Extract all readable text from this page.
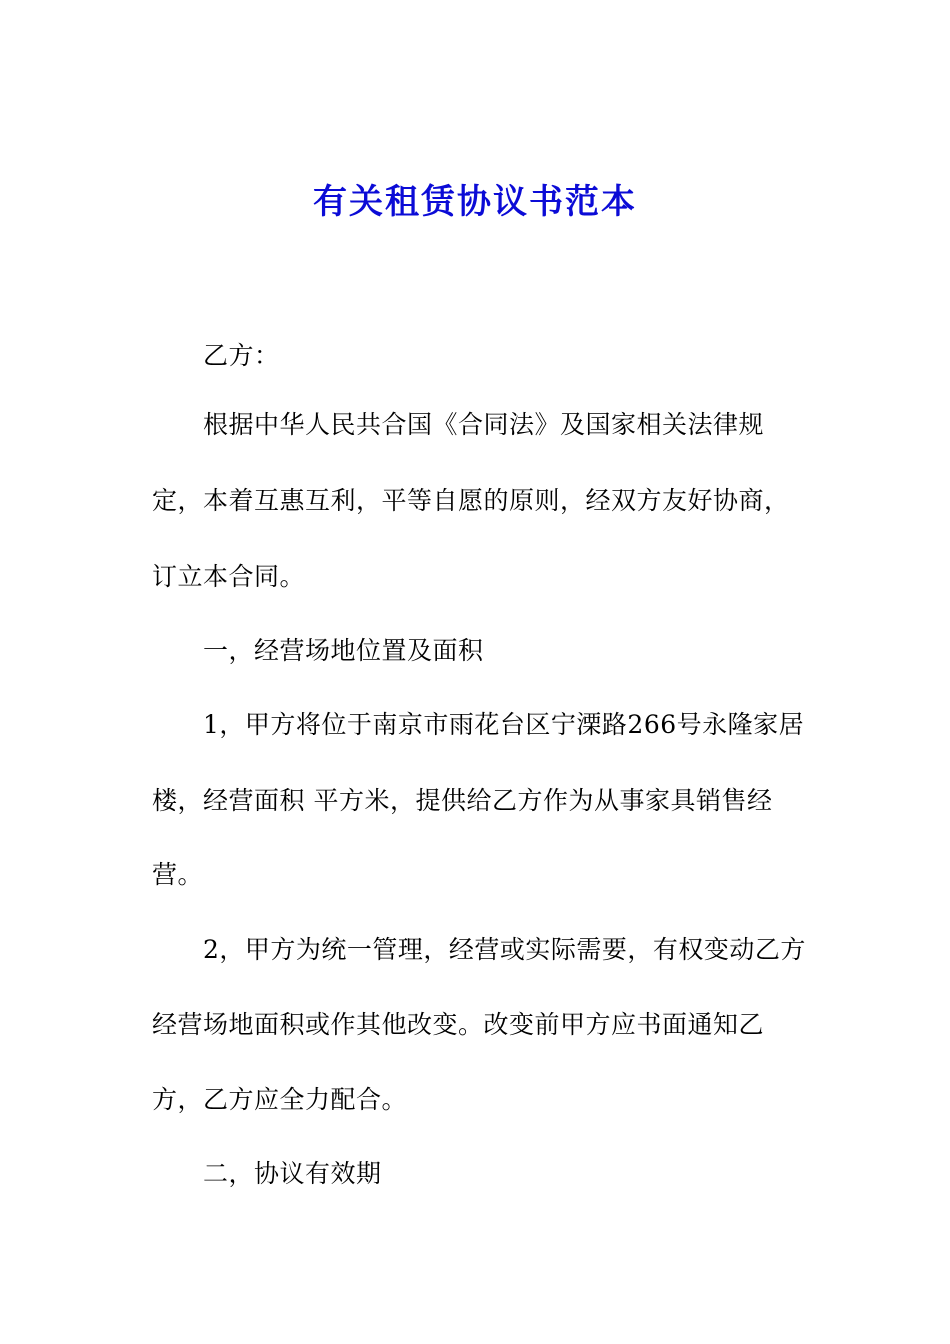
有关租赁协议书范本
乙方：
根据中华人民共合国《合同法》及国家相关法律规
定，本着互惠互利，平等自愿的原则，经双方友好协商，
订立本合同。
一，经营场地位置及面积
1，甲方将位于南京市雨花台区宁溧路266号永隆家居
楼，经营面积 平方米，提供给乙方作为从事家具销售经
营。
2，甲方为统一管理，经营或实际需要，有权变动乙方
经营场地面积或作其他改变。改变前甲方应书面通知乙
方，乙方应全力配合。
二，协议有效期
